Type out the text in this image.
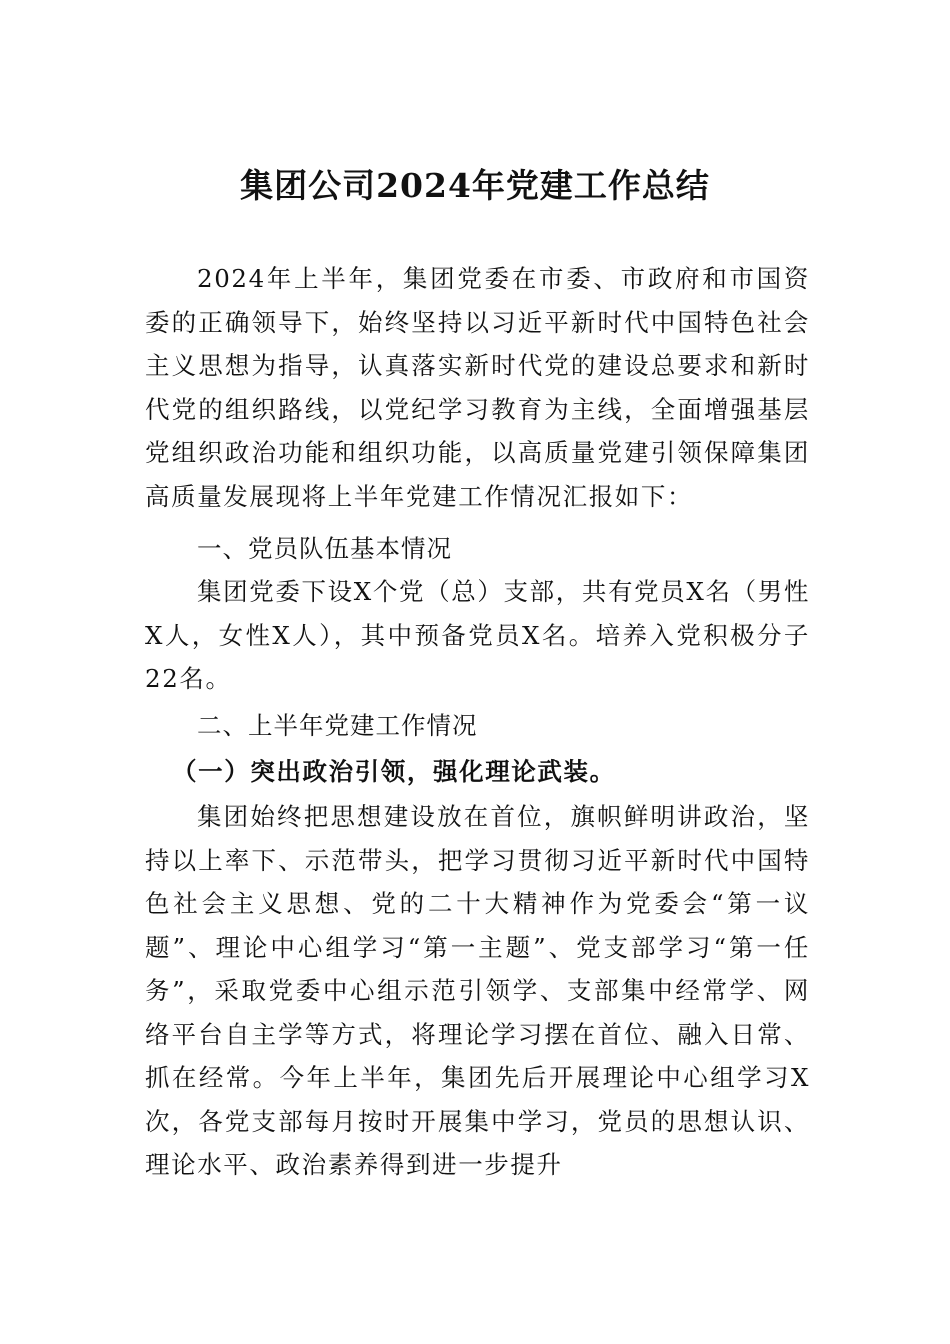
集团公司2024年党建工作总结

2024年上半年，集团党委在市委、市政府和市国资委的正确领导下，始终坚持以习近平新时代中国特色社会主义思想为指导，认真落实新时代党的建设总要求和新时代党的组织路线，以党纪学习教育为主线，全面增强基层党组织政治功能和组织功能，以高质量党建引领保障集团高质量发展现将上半年党建工作情况汇报如下：

一、党员队伍基本情况

集团党委下设X个党（总）支部，共有党员X名（男性X人，女性X人），其中预备党员X名。培养入党积极分子22名。

二、上半年党建工作情况

（一）突出政治引领，强化理论武装。

集团始终把思想建设放在首位，旗帜鲜明讲政治，坚持以上率下、示范带头，把学习贯彻习近平新时代中国特色社会主义思想、党的二十大精神作为党委会“第一议题”、理论中心组学习“第一主题”、党支部学习“第一任务”，采取党委中心组示范引领学、支部集中经常学、网络平台自主学等方式，将理论学习摆在首位、融入日常、抓在经常。今年上半年，集团先后开展理论中心组学习X次，各党支部每月按时开展集中学习，党员的思想认识、理论水平、政治素养得到进一步提升
